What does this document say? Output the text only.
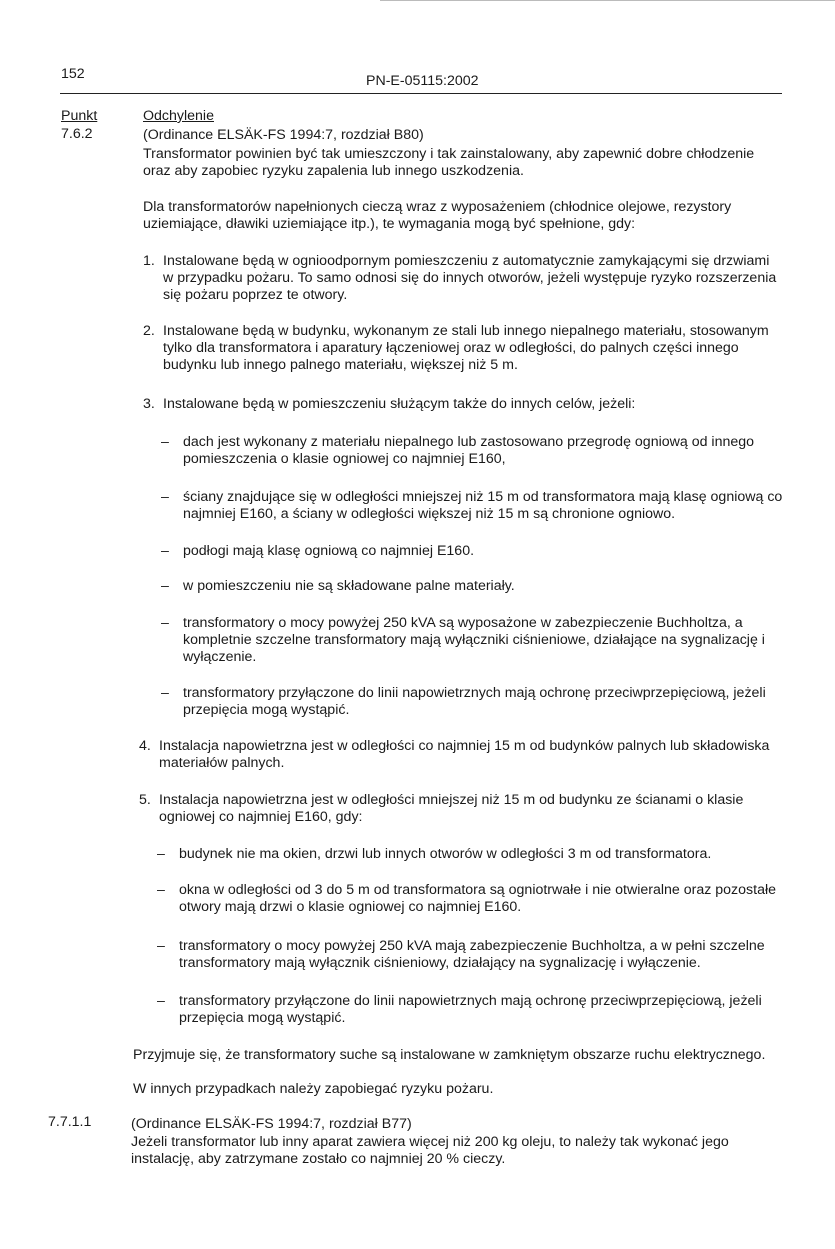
152	PN-E-05115:2002
Punkt
7.6.2
Odchylenie
(Ordinance ELSÄK-FS 1994:7, rozdział B80)
Transformator powinien być tak umieszczony i tak zainstalowany, aby zapewnić dobre chłodzenie oraz aby zapobiec ryzyku zapalenia lub innego uszkodzenia.
Dla transformatorów napełnionych cieczą wraz z wyposażeniem (chłodnice olejowe, rezystory uziemiające, dławiki uziemiające itp.), te wymagania mogą być spełnione, gdy:
1. Instalowane będą w ognioodpornym pomieszczeniu z automatycznie zamykającymi się drzwiami w przypadku pożaru. To samo odnosi się do innych otworów, jeżeli występuje ryzyko rozszerzenia się pożaru poprzez te otwory.
2. Instalowane będą w budynku, wykonanym ze stali lub innego niepalnego materiału, stosowanym tylko dla transformatora i aparatury łączeniowej oraz w odległości, do palnych części innego budynku lub innego palnego materiału, większej niż 5 m.
3. Instalowane będą w pomieszczeniu służącym także do innych celów, jeżeli:
– dach jest wykonany z materiału niepalnego lub zastosowano przegrodę ogniową od innego pomieszczenia o klasie ogniowej co najmniej E160,
– ściany znajdujące się w odległości mniejszej niż 15 m od transformatora mają klasę ogniową co najmniej E160, a ściany w odległości większej niż 15 m są chronione ogniowo.
– podłogi mają klasę ogniową co najmniej E160.
– w pomieszczeniu nie są składowane palne materiały.
– transformatory o mocy powyżej 250 kVA są wyposażone w zabezpieczenie Buchholtza, a kompletnie szczelne transformatory mają wyłączniki ciśnieniowe, działające na sygnalizację i wyłączenie.
– transformatory przyłączone do linii napowietrznych mają ochronę przeciwprzepięciową, jeżeli przepięcia mogą wystąpić.
4. Instalacja napowietrzna jest w odległości co najmniej 15 m od budynków palnych lub składowiska materiałów palnych.
5. Instalacja napowietrzna jest w odległości mniejszej niż 15 m od budynku ze ścianami o klasie ogniowej co najmniej E160, gdy:
– budynek nie ma okien, drzwi lub innych otworów w odległości 3 m od transformatora.
– okna w odległości od 3 do 5 m od transformatora są ogniotrwałe i nie otwieralne oraz pozostałe otwory mają drzwi o klasie ogniowej co najmniej E160.
– transformatory o mocy powyżej 250 kVA mają zabezpieczenie Buchholtza, a w pełni szczelne transformatory mają wyłącznik ciśnieniowy, działający na sygnalizację i wyłączenie.
– transformatory przyłączone do linii napowietrznych mają ochronę przeciwprzepięciową, jeżeli przepięcia mogą wystąpić.
Przyjmuje się, że transformatory suche są instalowane w zamkniętym obszarze ruchu elektrycznego.
W innych przypadkach należy zapobiegać ryzyku pożaru.
7.7.1.1	(Ordinance ELSÄK-FS 1994:7, rozdział B77)
Jeżeli transformator lub inny aparat zawiera więcej niż 200 kg oleju, to należy tak wykonać jego instalację, aby zatrzymane zostało co najmniej 20 % cieczy.
